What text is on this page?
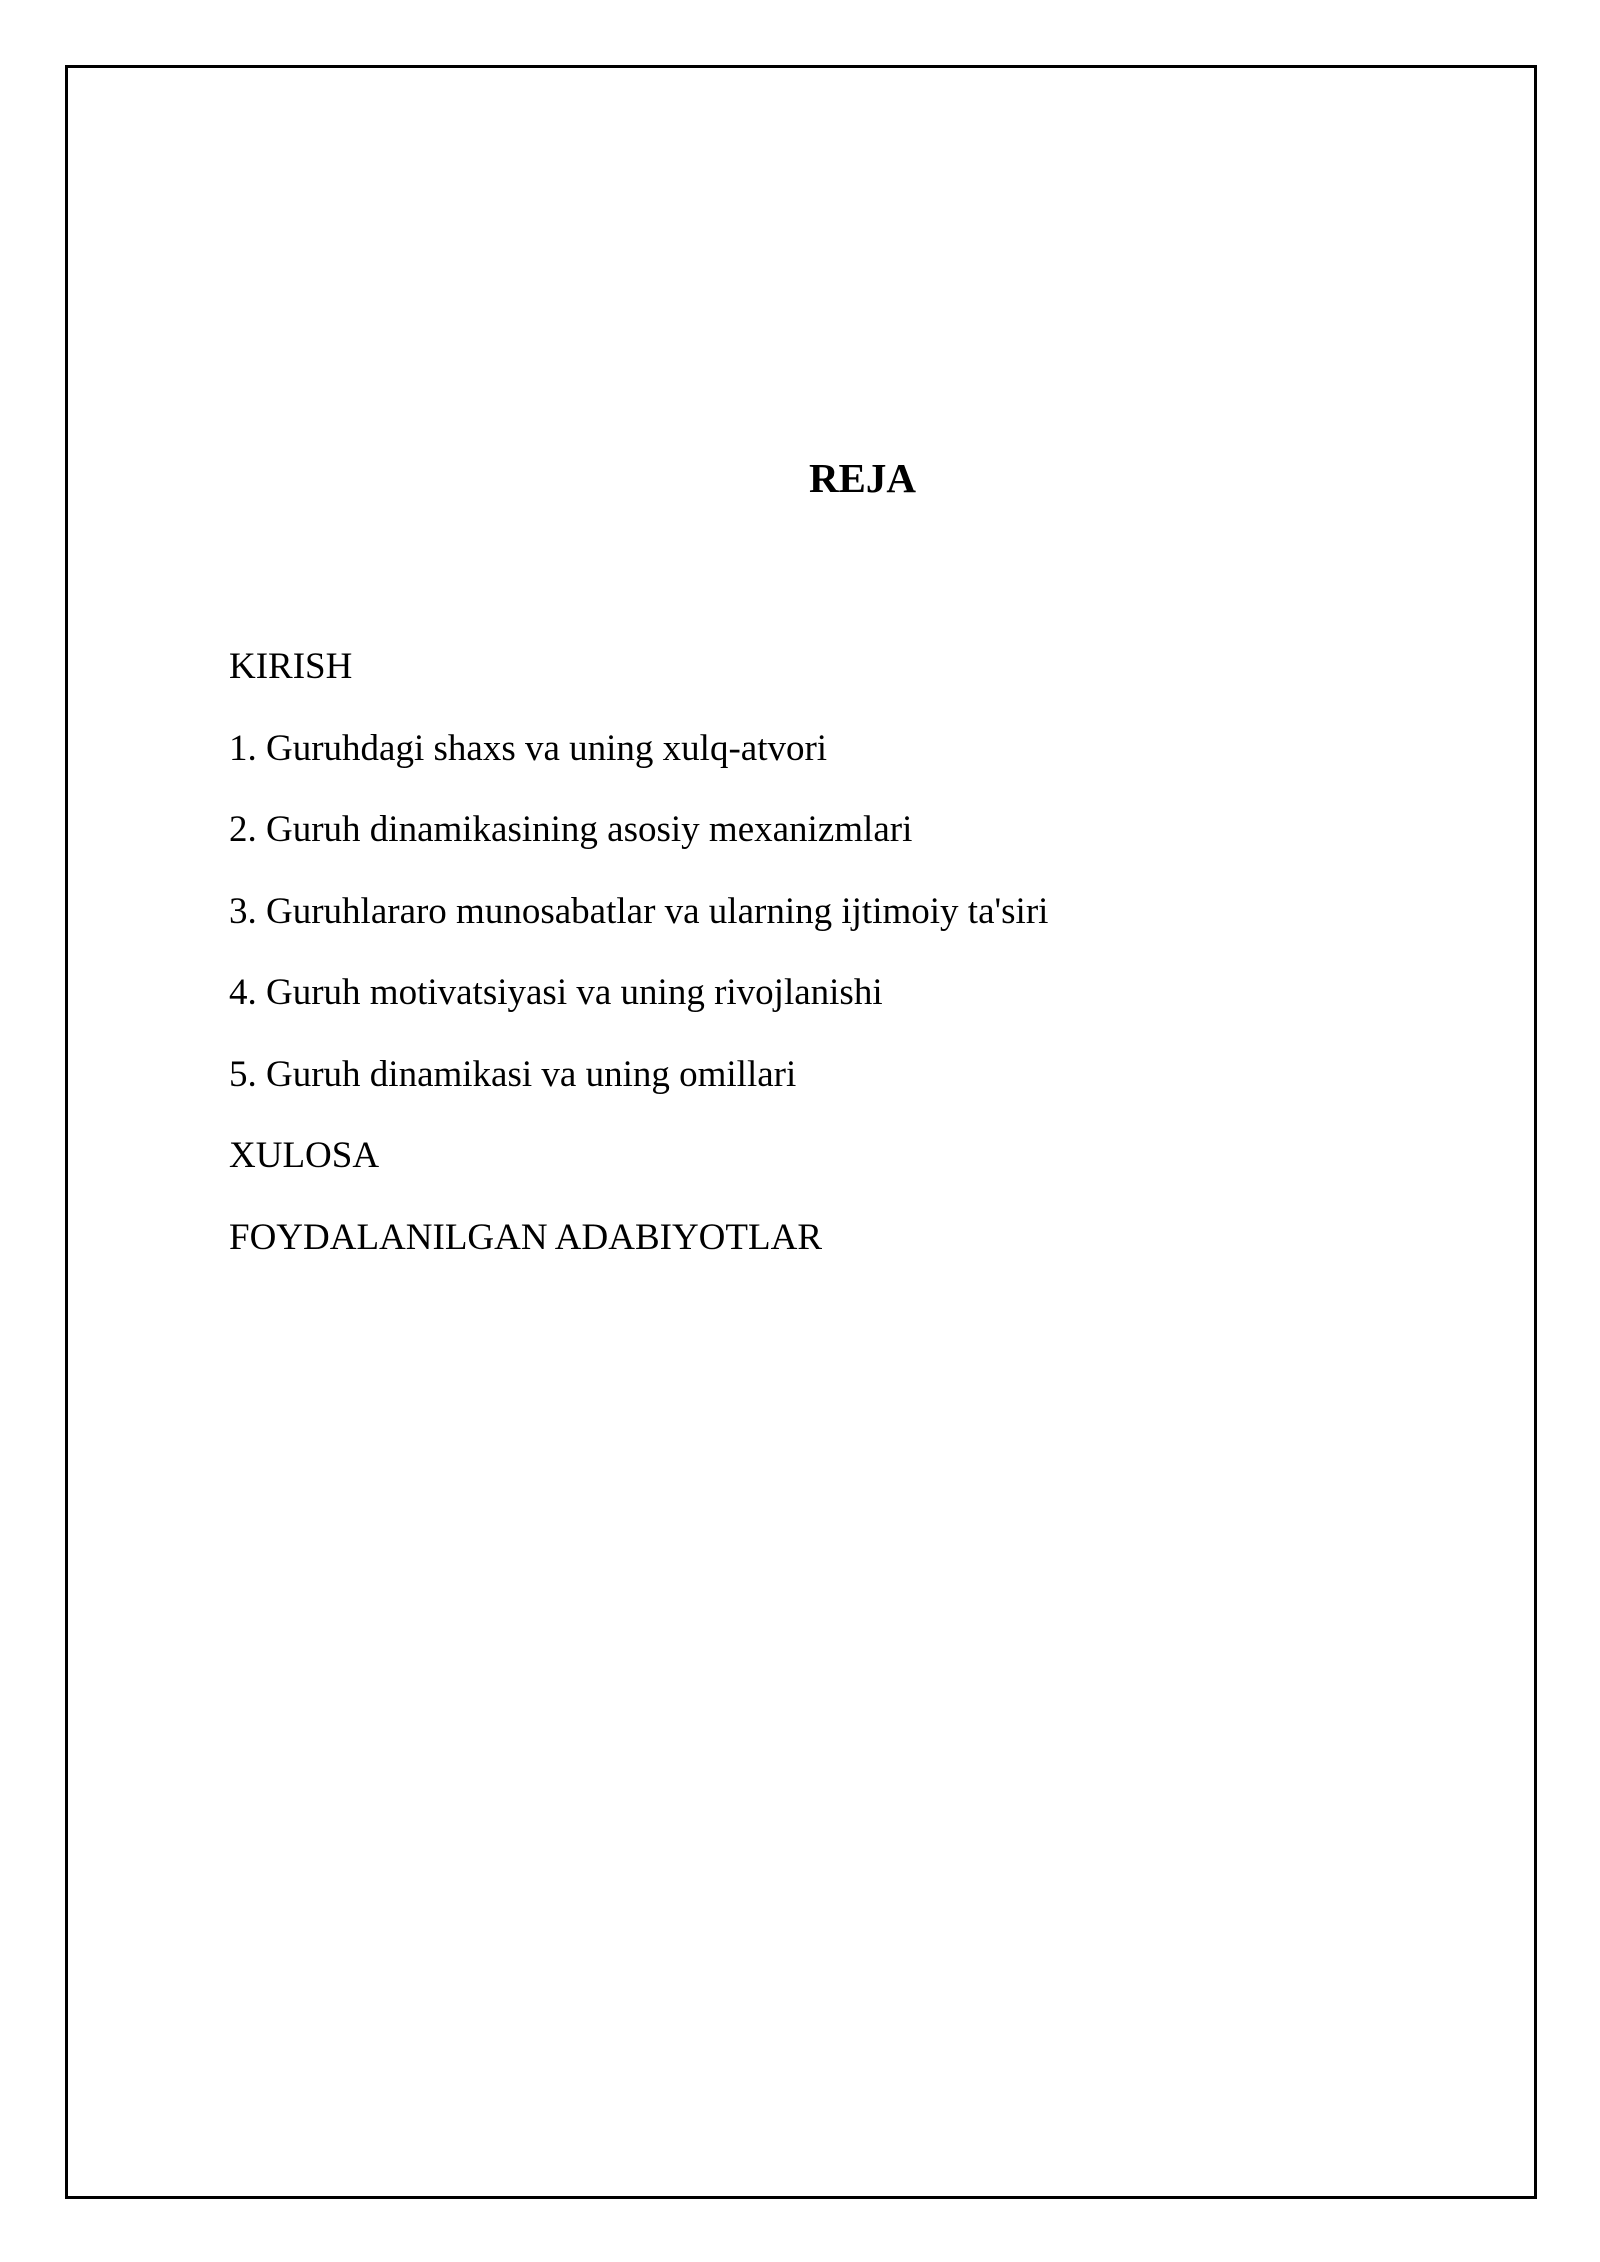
REJA
KIRISH
1. Guruhdagi shaxs va uning xulq-atvori
2. Guruh dinamikasining asosiy mexanizmlari
3. Guruhlararo munosabatlar va ularning ijtimoiy ta'siri
4. Guruh motivatsiyasi va uning rivojlanishi
5. Guruh dinamikasi va uning omillari
XULOSA
FOYDALANILGAN ADABIYOTLAR
